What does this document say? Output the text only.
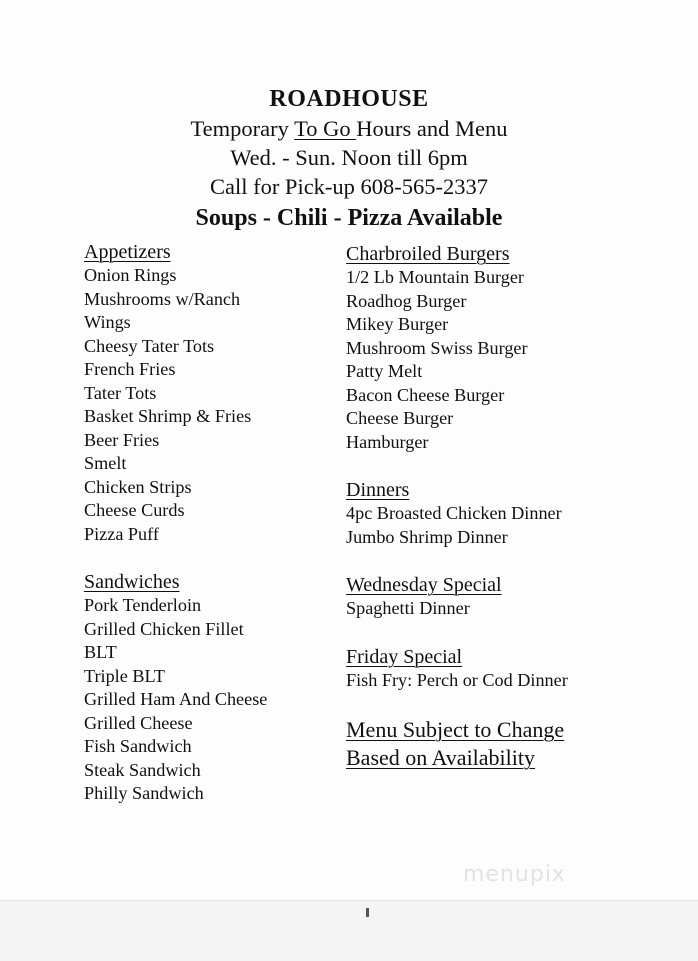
ROADHOUSE
Temporary To Go Hours and Menu
Wed. - Sun. Noon till 6pm
Call for Pick-up 608-565-2337
Soups - Chili - Pizza Available
Appetizers
Onion Rings
Mushrooms w/Ranch
Wings
Cheesy Tater Tots
French Fries
Tater Tots
Basket Shrimp & Fries
Beer Fries
Smelt
Chicken Strips
Cheese Curds
Pizza Puff
Sandwiches
Pork Tenderloin
Grilled Chicken Fillet
BLT
Triple BLT
Grilled Ham And Cheese
Grilled Cheese
Fish Sandwich
Steak Sandwich
Philly Sandwich
Charbroiled Burgers
1/2 Lb Mountain Burger
Roadhog Burger
Mikey Burger
Mushroom Swiss Burger
Patty Melt
Bacon Cheese Burger
Cheese Burger
Hamburger
Dinners
4pc Broasted Chicken Dinner
Jumbo Shrimp Dinner
Wednesday Special
Spaghetti Dinner
Friday Special
Fish Fry: Perch or Cod Dinner
Menu Subject to Change
Based on Availability
menupix
